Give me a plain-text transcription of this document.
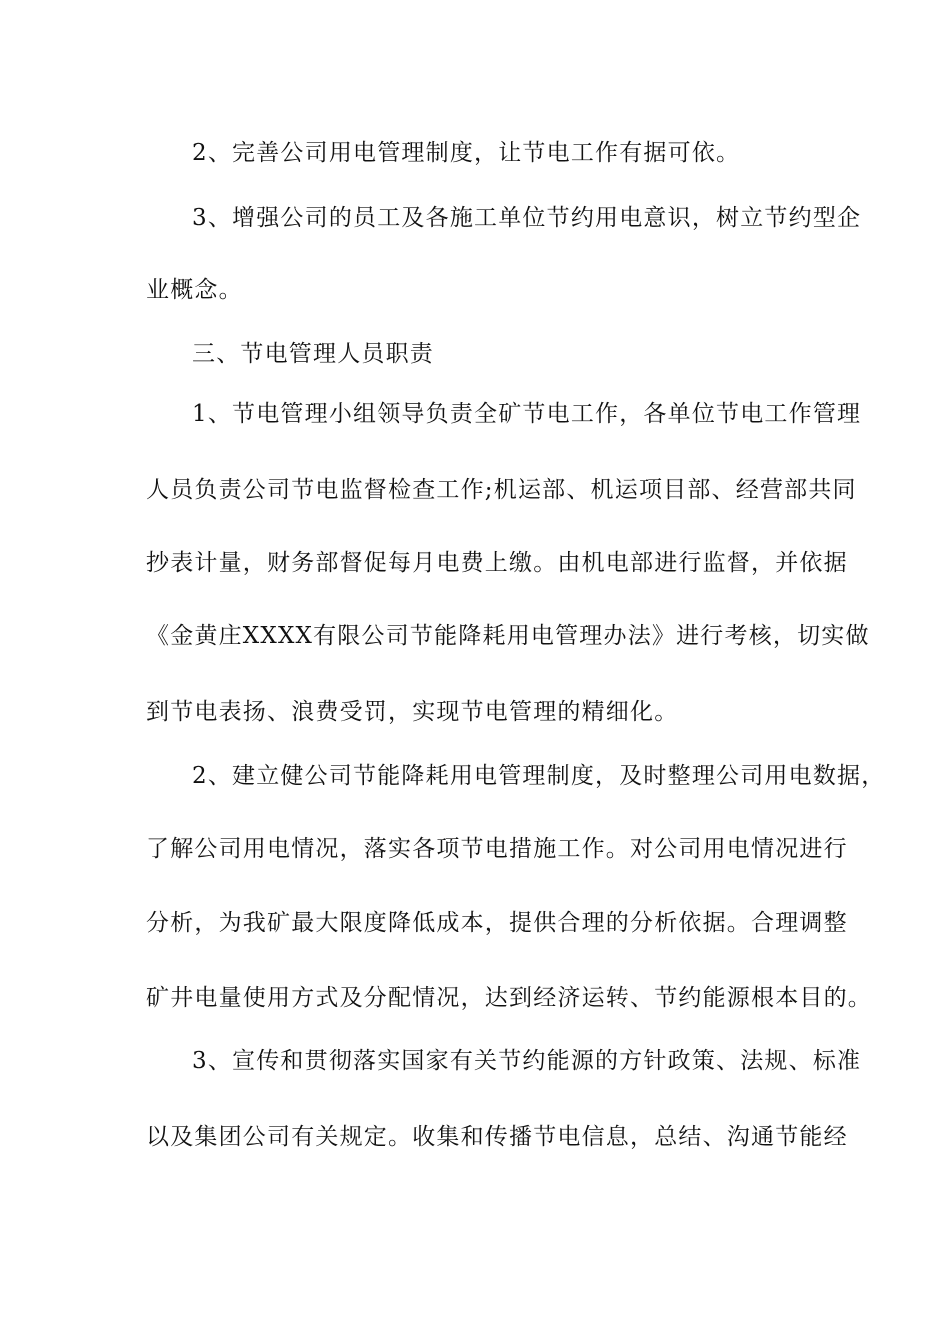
2、完善公司用电管理制度，让节电工作有据可依。
3、增强公司的员工及各施工单位节约用电意识，树立节约型企
业概念。
三、节电管理人员职责
1、节电管理小组领导负责全矿节电工作，各单位节电工作管理
人员负责公司节电监督检查工作;机运部、机运项目部、经营部共同
抄表计量，财务部督促每月电费上缴。由机电部进行监督，并依据
《金黄庄XXXX有限公司节能降耗用电管理办法》进行考核，切实做
到节电表扬、浪费受罚，实现节电管理的精细化。
2、建立健公司节能降耗用电管理制度，及时整理公司用电数据，
了解公司用电情况，落实各项节电措施工作。对公司用电情况进行
分析，为我矿最大限度降低成本，提供合理的分析依据。合理调整
矿井电量使用方式及分配情况，达到经济运转、节约能源根本目的。
3、宣传和贯彻落实国家有关节约能源的方针政策、法规、标准
以及集团公司有关规定。收集和传播节电信息，总结、沟通节能经
